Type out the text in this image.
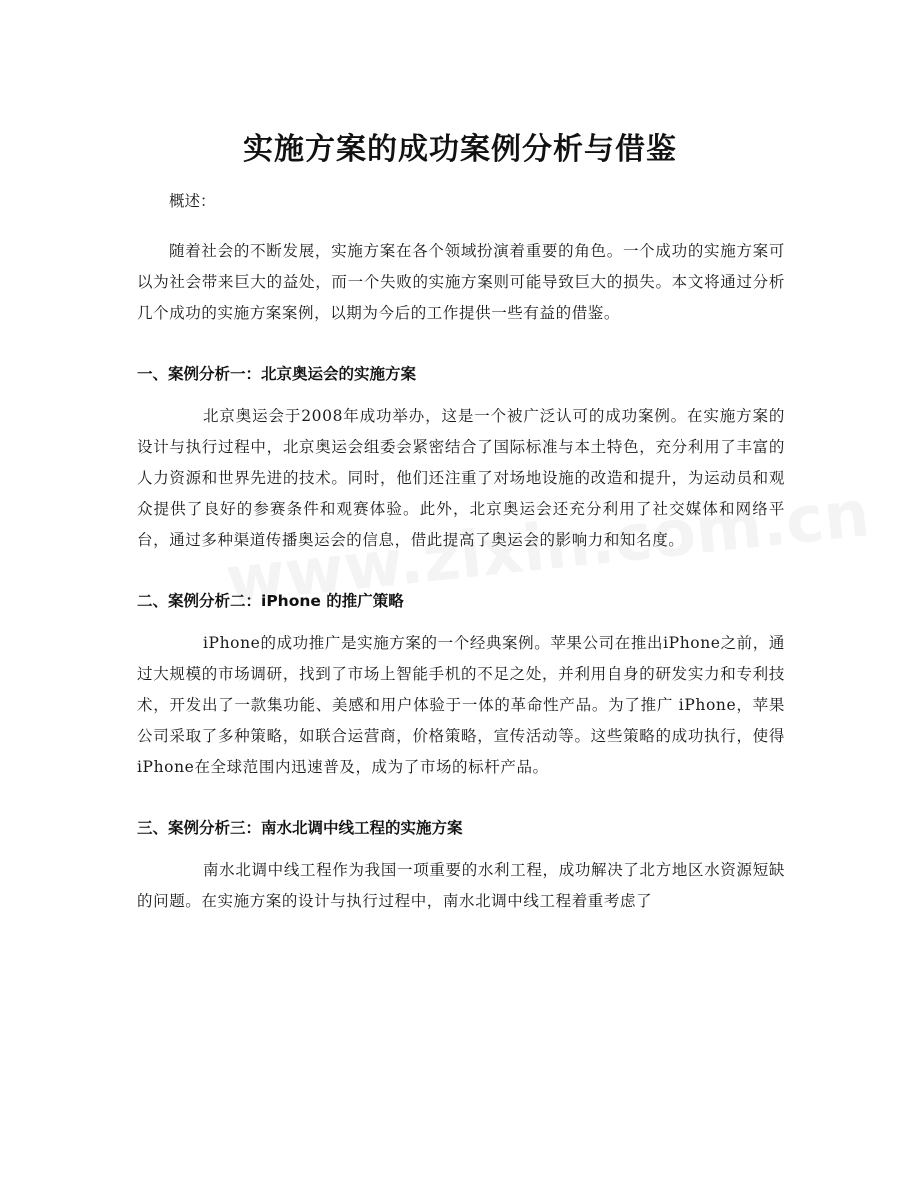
实施方案的成功案例分析与借鉴

概述：

随着社会的不断发展，实施方案在各个领域扮演着重要的角色。一个成功的实施方案可以为社会带来巨大的益处，而一个失败的实施方案则可能导致巨大的损失。本文将通过分析几个成功的实施方案案例，以期为今后的工作提供一些有益的借鉴。

一、案例分析一：北京奥运会的实施方案

北京奥运会于2008年成功举办，这是一个被广泛认可的成功案例。在实施方案的设计与执行过程中，北京奥运会组委会紧密结合了国际标准与本土特色，充分利用了丰富的人力资源和世界先进的技术。同时，他们还注重了对场地设施的改造和提升，为运动员和观众提供了良好的参赛条件和观赛体验。此外，北京奥运会还充分利用了社交媒体和网络平台，通过多种渠道传播奥运会的信息，借此提高了奥运会的影响力和知名度。

二、案例分析二：iPhone 的推广策略

iPhone的成功推广是实施方案的一个经典案例。苹果公司在推出iPhone之前，通过大规模的市场调研，找到了市场上智能手机的不足之处，并利用自身的研发实力和专利技术，开发出了一款集功能、美感和用户体验于一体的革命性产品。为了推广 iPhone，苹果公司采取了多种策略，如联合运营商，价格策略，宣传活动等。这些策略的成功执行，使得 iPhone在全球范围内迅速普及，成为了市场的标杆产品。

三、案例分析三：南水北调中线工程的实施方案

南水北调中线工程作为我国一项重要的水利工程，成功解决了北方地区水资源短缺的问题。在实施方案的设计与执行过程中，南水北调中线工程着重考虑了
